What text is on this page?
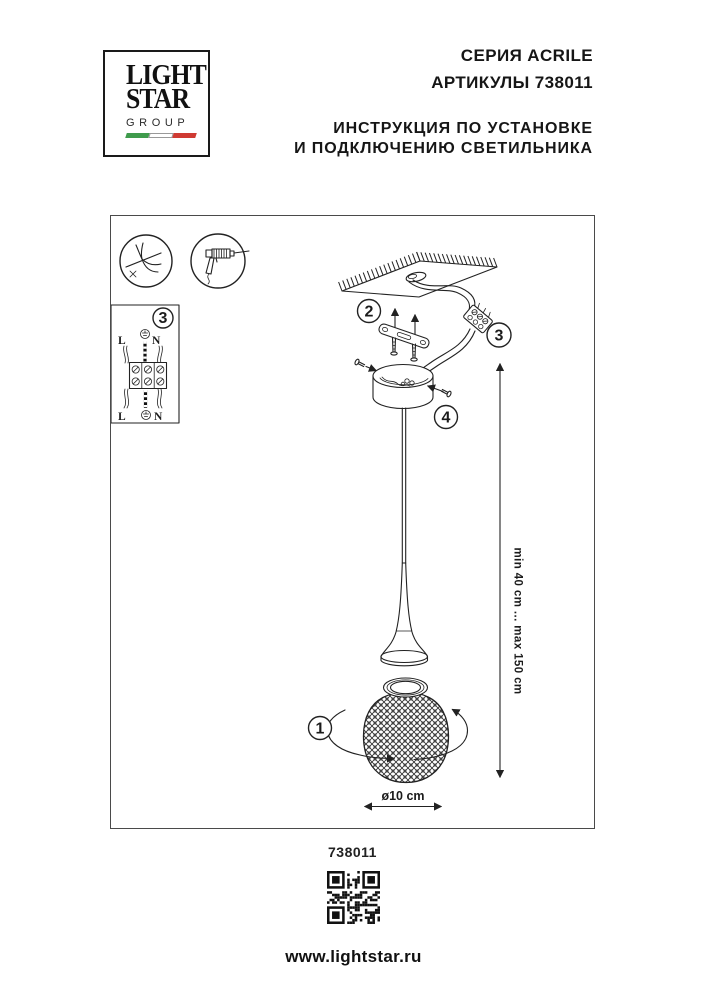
LIGHT
STAR
GROUP
СЕРИЯ ACRILE
АРТИКУЛЫ 738011
ИНСТРУКЦИЯ ПО УСТАНОВКЕ
И ПОДКЛЮЧЕНИЮ СВЕТИЛЬНИКА
3
L N
L N
3
2
4
1
min 40 cm ... max 150 cm
ø10 cm
738011
www.lightstar.ru
